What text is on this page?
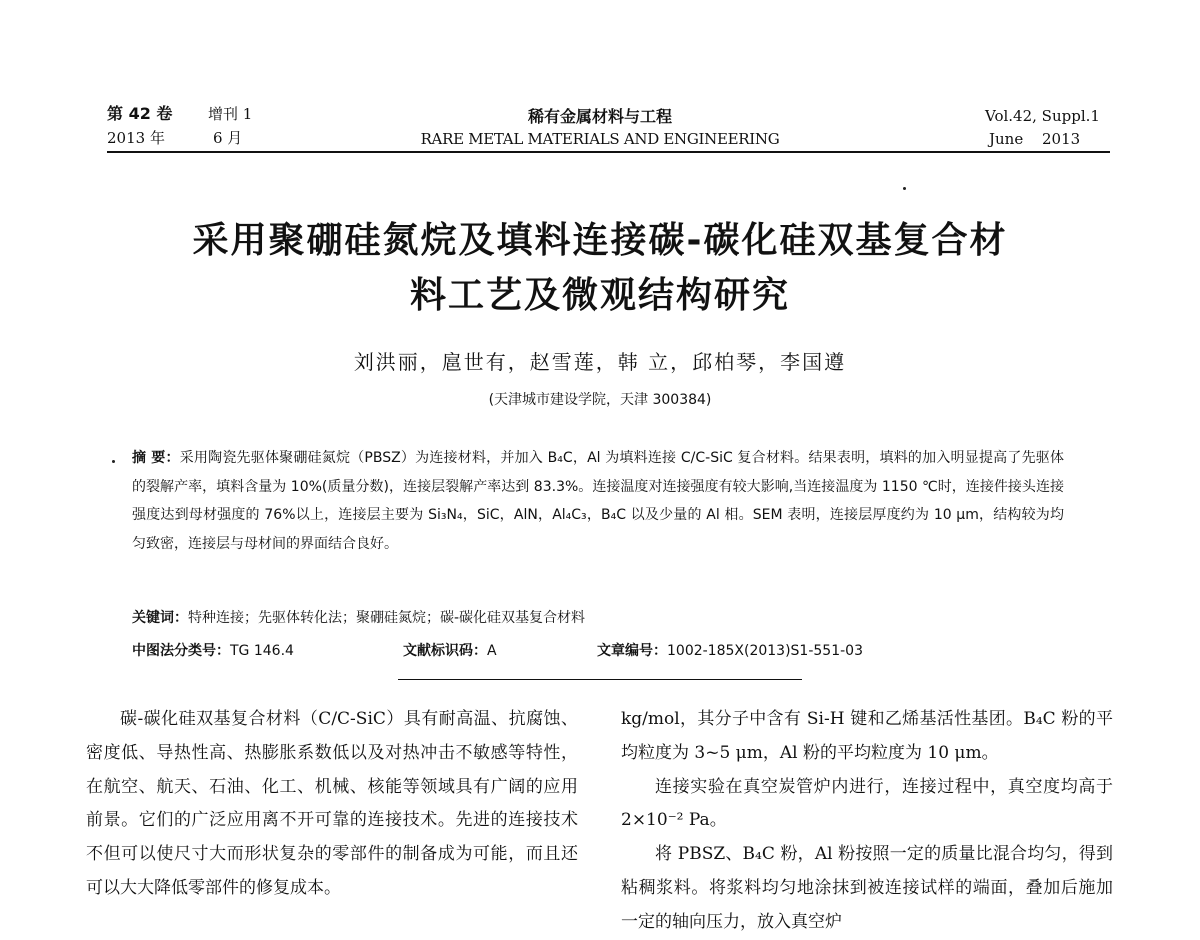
第 42 卷 增刊 1	稀有金属材料与工程	Vol.42, Suppl.1
2013 年	6 月	RARE METAL MATERIALS AND ENGINEERING	June 2013
采用聚硼硅氮烷及填料连接碳-碳化硅双基复合材
料工艺及微观结构研究
刘洪丽，扈世有，赵雪莲，韩 立，邱柏琴，李国遵
(天津城市建设学院，天津 300384)
摘 要：采用陶瓷先驱体聚硼硅氮烷（PBSZ）为连接材料，并加入 B₄C，Al 为填料连接 C/C-SiC 复合材料。结果表明，填料的加入明显提高了先驱体的裂解产率，填料含量为 10%(质量分数)，连接层裂解产率达到 83.3%。连接温度对连接强度有较大影响,当连接温度为 1150 ℃时，连接件接头连接强度达到母材强度的 76%以上，连接层主要为 Si₃N₄，SiC，AlN，Al₄C₃，B₄C 以及少量的 Al 相。SEM 表明，连接层厚度约为 10 μm，结构较为均匀致密，连接层与母材间的界面结合良好。
关键词：特种连接；先驱体转化法；聚硼硅氮烷；碳-碳化硅双基复合材料
中图法分类号：TG 146.4	文献标识码：A	文章编号：1002-185X(2013)S1-551-03

碳-碳化硅双基复合材料（C/C-SiC）具有耐高温、抗腐蚀、密度低、导热性高、热膨胀系数低以及对热冲击不敏感等特性，在航空、航天、石油、化工、机械、核能等领域具有广阔的应用前景。它们的广泛应用离不开可靠的连接技术。先进的连接技术不但可以使尺寸大而形状复杂的零部件的制备成为可能，而且还可以大大降低零部件的修复成本。

kg/mol，其分子中含有 Si-H 键和乙烯基活性基团。B₄C 粉的平均粒度为 3~5 μm，Al 粉的平均粒度为 10 μm。

连接实验在真空炭管炉内进行，连接过程中，真空度均高于 2×10⁻² Pa。

将 PBSZ、B₄C 粉，Al 粉按照一定的质量比混合均匀，得到粘稠浆料。将浆料均匀地涂抹到被连接试样的端面，叠加后施加一定的轴向压力，放入真空炉
